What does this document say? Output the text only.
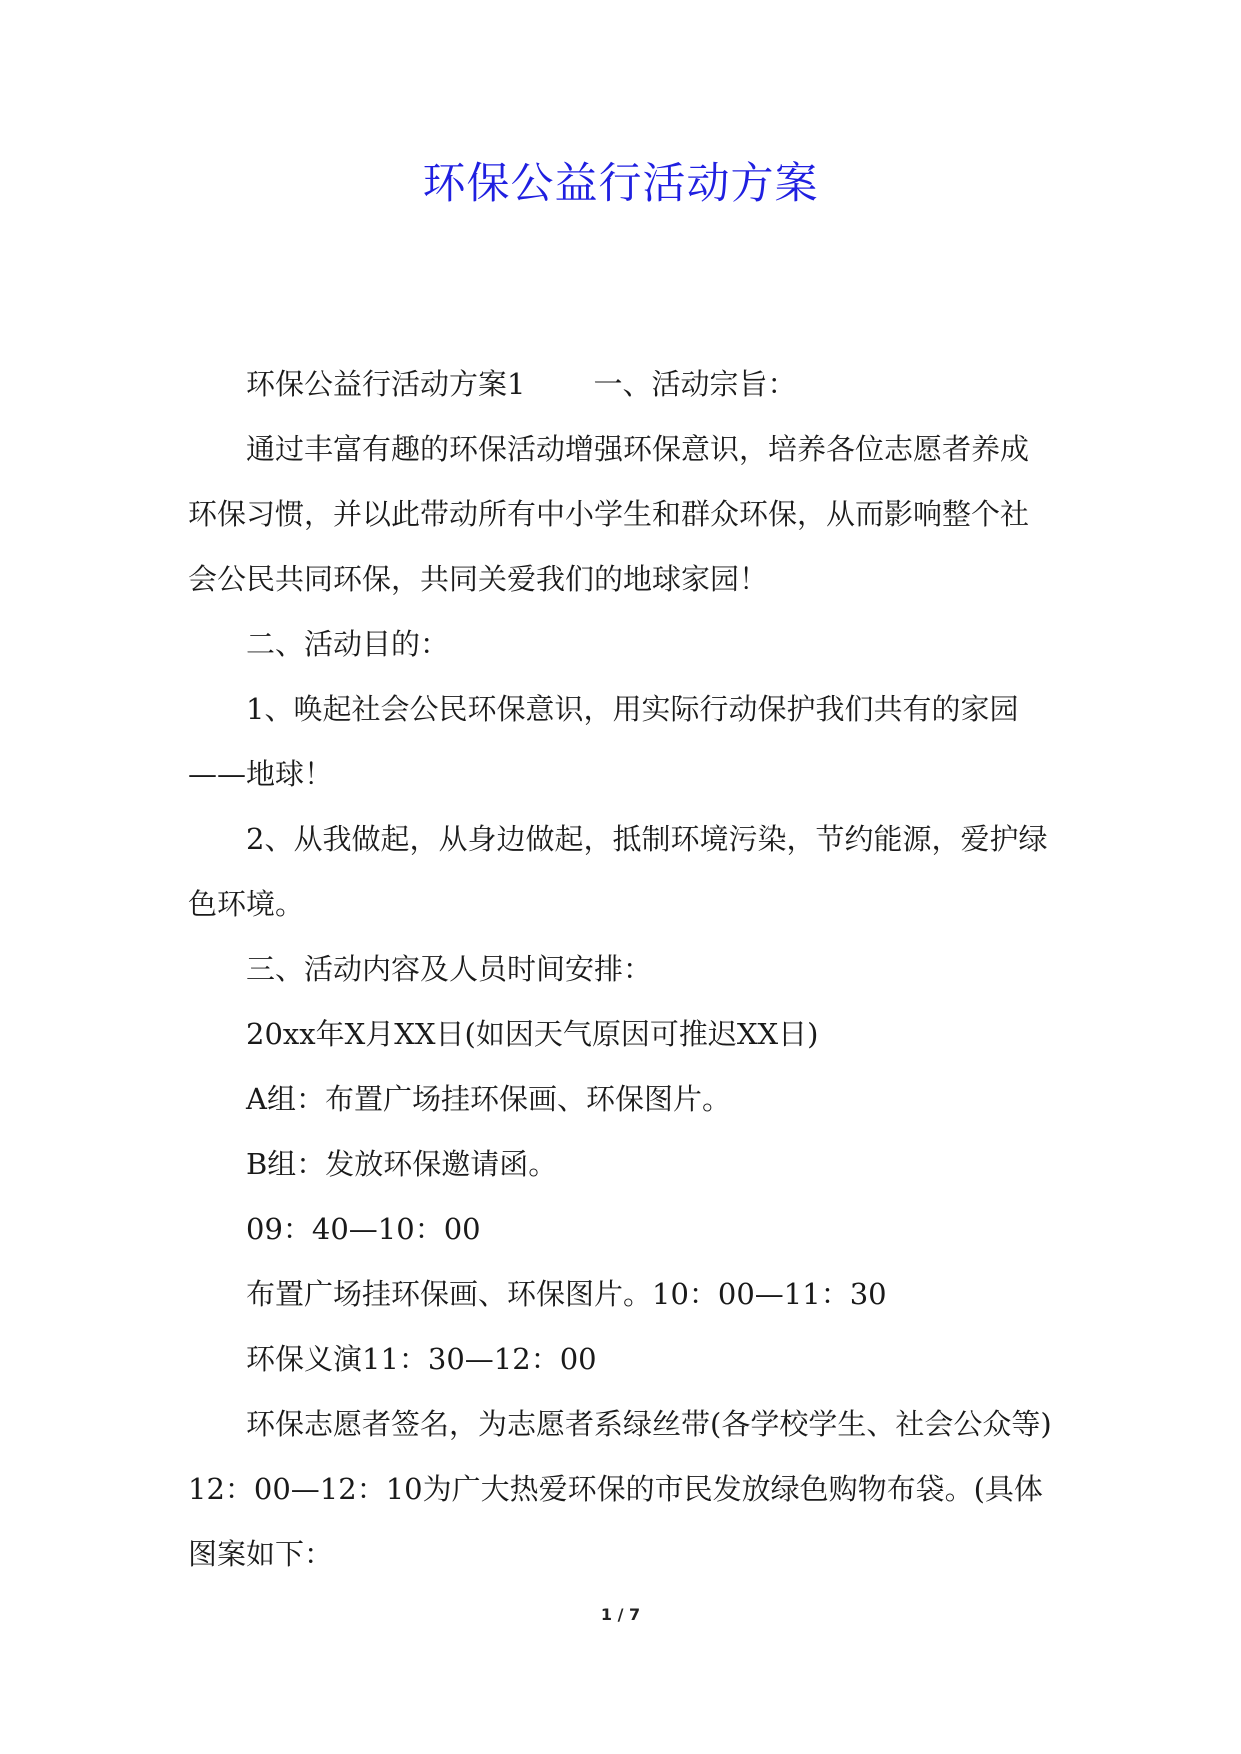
环保公益行活动方案

环保公益行活动方案1 一、活动宗旨：

通过丰富有趣的环保活动增强环保意识，培养各位志愿者养成环保习惯，并以此带动所有中小学生和群众环保，从而影响整个社会公民共同环保，共同关爱我们的地球家园！

二、活动目的：

1、唤起社会公民环保意识，用实际行动保护我们共有的家园——地球！

2、从我做起，从身边做起，抵制环境污染，节约能源，爱护绿色环境。

三、活动内容及人员时间安排：

20xx年X月XX日(如因天气原因可推迟XX日)

A组：布置广场挂环保画、环保图片。

B组：发放环保邀请函。

09：40—10：00

布置广场挂环保画、环保图片。10：00—11：30

环保义演11：30—12：00

环保志愿者签名，为志愿者系绿丝带(各学校学生、社会公众等)12：00—12：10为广大热爱环保的市民发放绿色购物布袋。(具体图案如下：

1 / 7
